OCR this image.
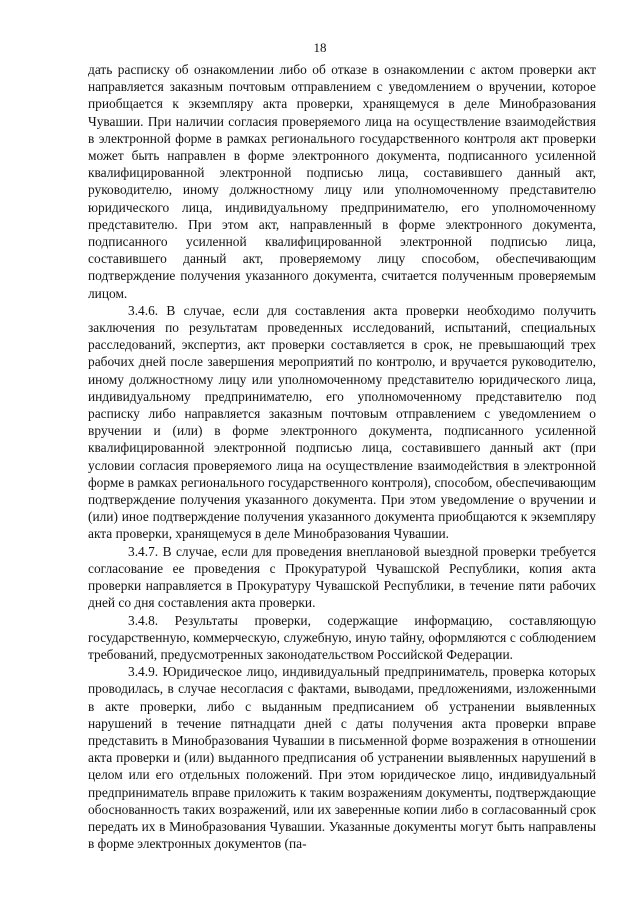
18

дать расписку об ознакомлении либо об отказе в ознакомлении с актом проверки акт направляется заказным почтовым отправлением с уведомлением о вручении, которое приобщается к экземпляру акта проверки, хранящемуся в деле Минобразования Чувашии. При наличии согласия проверяемого лица на осуществление взаимодействия в электронной форме в рамках регионального государственного контроля акт проверки может быть направлен в форме электронного документа, подписанного усиленной квалифицированной электронной подписью лица, составившего данный акт, руководителю, иному должностному лицу или уполномоченному представителю юридического лица, индивидуальному предпринимателю, его уполномоченному представителю. При этом акт, направленный в форме электронного документа, подписанного усиленной квалифицированной электронной подписью лица, составившего данный акт, проверяемому лицу способом, обеспечивающим подтверждение получения указанного документа, считается полученным проверяемым лицом.

3.4.6. В случае, если для составления акта проверки необходимо получить заключения по результатам проведенных исследований, испытаний, специальных расследований, экспертиз, акт проверки составляется в срок, не превышающий трех рабочих дней после завершения мероприятий по контролю, и вручается руководителю, иному должностному лицу или уполномоченному представителю юридического лица, индивидуальному предпринимателю, его уполномоченному представителю под расписку либо направляется заказным почтовым отправлением с уведомлением о вручении и (или) в форме электронного документа, подписанного усиленной квалифицированной электронной подписью лица, составившего данный акт (при условии согласия проверяемого лица на осуществление взаимодействия в электронной форме в рамках регионального государственного контроля), способом, обеспечивающим подтверждение получения указанного документа. При этом уведомление о вручении и (или) иное подтверждение получения указанного документа приобщаются к экземпляру акта проверки, хранящемуся в деле Минобразования Чувашии.

3.4.7. В случае, если для проведения внеплановой выездной проверки требуется согласование ее проведения с Прокуратурой Чувашской Республики, копия акта проверки направляется в Прокуратуру Чувашской Республики, в течение пяти рабочих дней со дня составления акта проверки.

3.4.8. Результаты проверки, содержащие информацию, составляющую государственную, коммерческую, служебную, иную тайну, оформляются с соблюдением требований, предусмотренных законодательством Российской Федерации.

3.4.9. Юридическое лицо, индивидуальный предприниматель, проверка которых проводилась, в случае несогласия с фактами, выводами, предложениями, изложенными в акте проверки, либо с выданным предписанием об устранении выявленных нарушений в течение пятнадцати дней с даты получения акта проверки вправе представить в Минобразования Чувашии в письменной форме возражения в отношении акта проверки и (или) выданного предписания об устранении выявленных нарушений в целом или его отдельных положений. При этом юридическое лицо, индивидуальный предприниматель вправе приложить к таким возражениям документы, подтверждающие обоснованность таких возражений, или их заверенные копии либо в согласованный срок передать их в Минобразования Чувашии. Указанные документы могут быть направлены в форме электронных документов (па-
